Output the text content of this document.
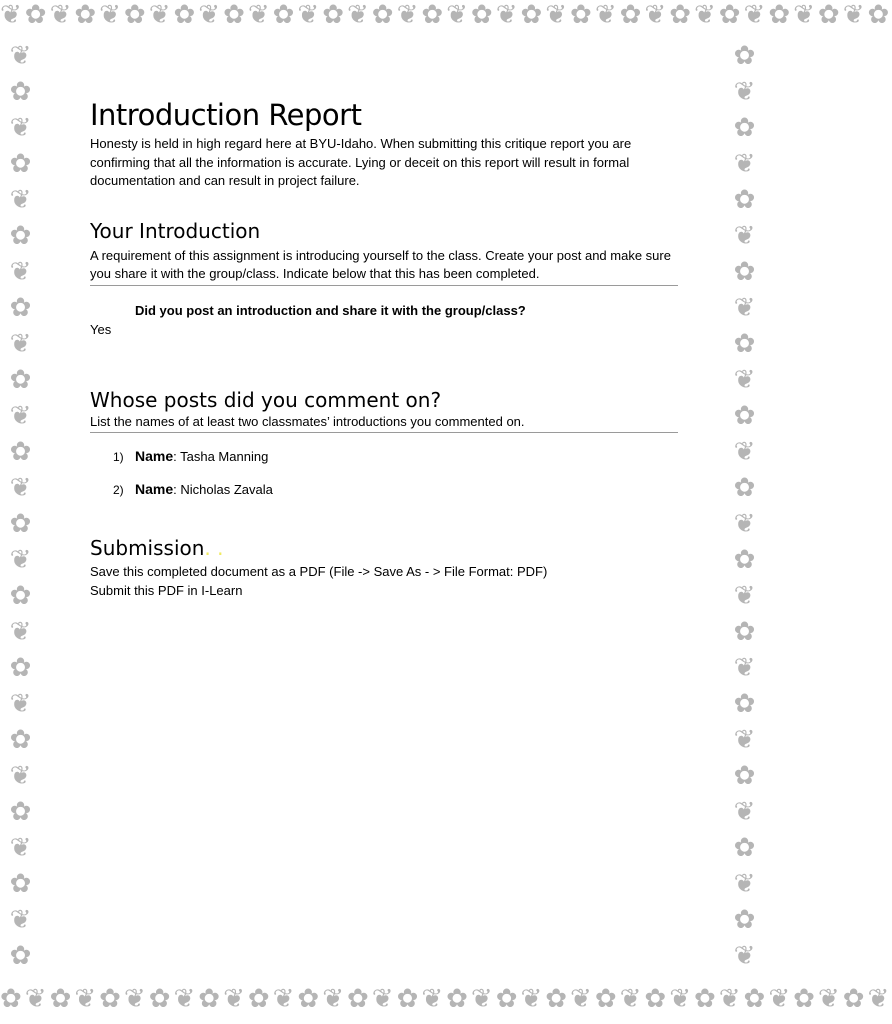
❦✿❦✿❦✿❦✿❦✿❦✿❦✿❦✿❦✿❦✿❦✿❦✿❦✿❦✿❦✿❦✿❦✿❦✿
❦
✿
❦
✿
❦
✿
❦
✿
❦
✿
❦
✿
❦
✿
❦
✿
❦
✿
❦
✿
❦
✿
❦
✿
❦
✿
✿
❦
✿
❦
✿
❦
✿
❦
✿
❦
✿
❦
✿
❦
✿
❦
✿
❦
✿
❦
✿
❦
✿
❦
✿
❦
✿❦✿❦✿❦✿❦✿❦✿❦✿❦✿❦✿❦✿❦✿❦✿❦✿❦✿❦✿❦✿❦✿❦✿❦
Introduction Report

Honesty is held in high regard here at BYU-Idaho. When submitting this critique report you are confirming that all the information is accurate. Lying or deceit on this report will result in formal documentation and can result in project failure.

Your Introduction

A requirement of this assignment is introducing yourself to the class. Create your post and make sure you share it with the group/class. Indicate below that this has been completed.

Did you post an introduction and share it with the group/class?

Yes

Whose posts did you comment on?

List the names of at least two classmates’ introductions you commented on.

1) Name : Tasha Manning
2) Name : Nicholas Zavala
Submission. .

Save this completed document as a PDF (File -> Save As - > File Format: PDF)

Submit this PDF in I-Learn
